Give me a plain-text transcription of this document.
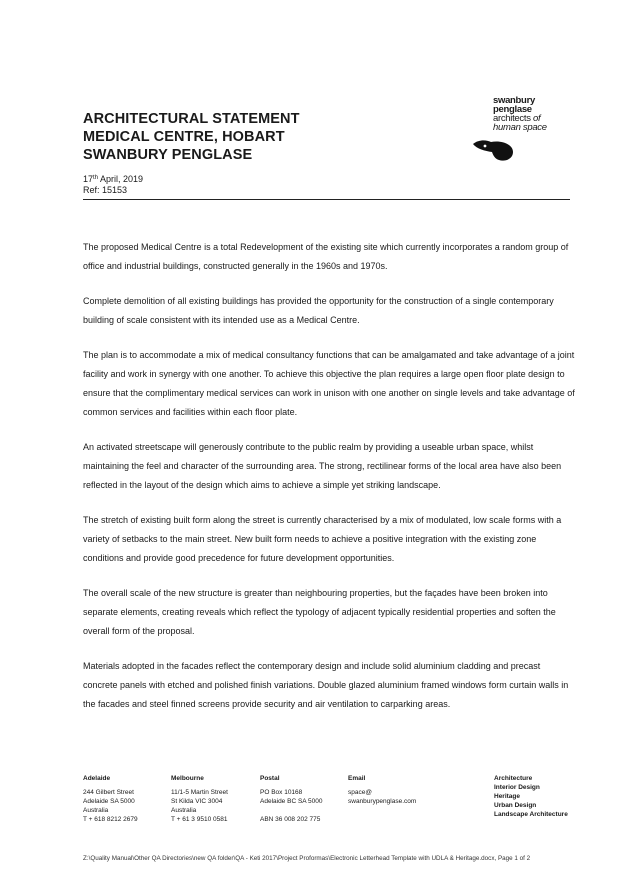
ARCHITECTURAL STATEMENT
MEDICAL CENTRE, HOBART
SWANBURY PENGLASE
17th April, 2019
Ref: 15153
swanbury
penglase
architects of
human space

The proposed Medical Centre is a total Redevelopment of the existing site which currently incorporates a random group of office and industrial buildings, constructed generally in the 1960s and 1970s.

Complete demolition of all existing buildings has provided the opportunity for the construction of a single contemporary building of scale consistent with its intended use as a Medical Centre.

The plan is to accommodate a mix of medical consultancy functions that can be amalgamated and take advantage of a joint facility and work in synergy with one another. To achieve this objective the plan requires a large open floor plate design to ensure that the complimentary medical services can work in unison with one another on single levels and take advantage of common services and facilities within each floor plate.

An activated streetscape will generously contribute to the public realm by providing a useable urban space, whilst maintaining the feel and character of the surrounding area. The strong, rectilinear forms of the local area have also been reflected in the layout of the design which aims to achieve a simple yet striking landscape.

The stretch of existing built form along the street is currently characterised by a mix of modulated, low scale forms with a variety of setbacks to the main street. New built form needs to achieve a positive integration with the existing zone conditions and provide good precedence for future development opportunities.

The overall scale of the new structure is greater than neighbouring properties, but the façades have been broken into separate elements, creating reveals which reflect the typology of adjacent typically residential properties and soften the overall form of the proposal.

Materials adopted in the facades reflect the contemporary design and include solid aluminium cladding and precast concrete panels with etched and polished finish variations. Double glazed aluminium framed windows form curtain walls in the facades and steel finned screens provide security and air ventilation to carparking areas.

Adelaide
244 Gilbert Street
Adelaide SA 5000
Australia
T + 618 8212 2679
Melbourne
11/1-5 Martin Street
St Kilda VIC 3004
Australia
T + 61 3 9510 0581
Postal
PO Box 10168
Adelaide BC SA 5000
ABN 36 008 202 775
Email
space@
swanburypenglase.com
Architecture
Interior Design
Heritage
Urban Design
Landscape Architecture
Z:\Quality Manual\Other QA Directories\new QA folder\QA - Keti 2017\Project Proformas\Electronic Letterhead Template with UDLA & Heritage.docx, Page 1 of 2
